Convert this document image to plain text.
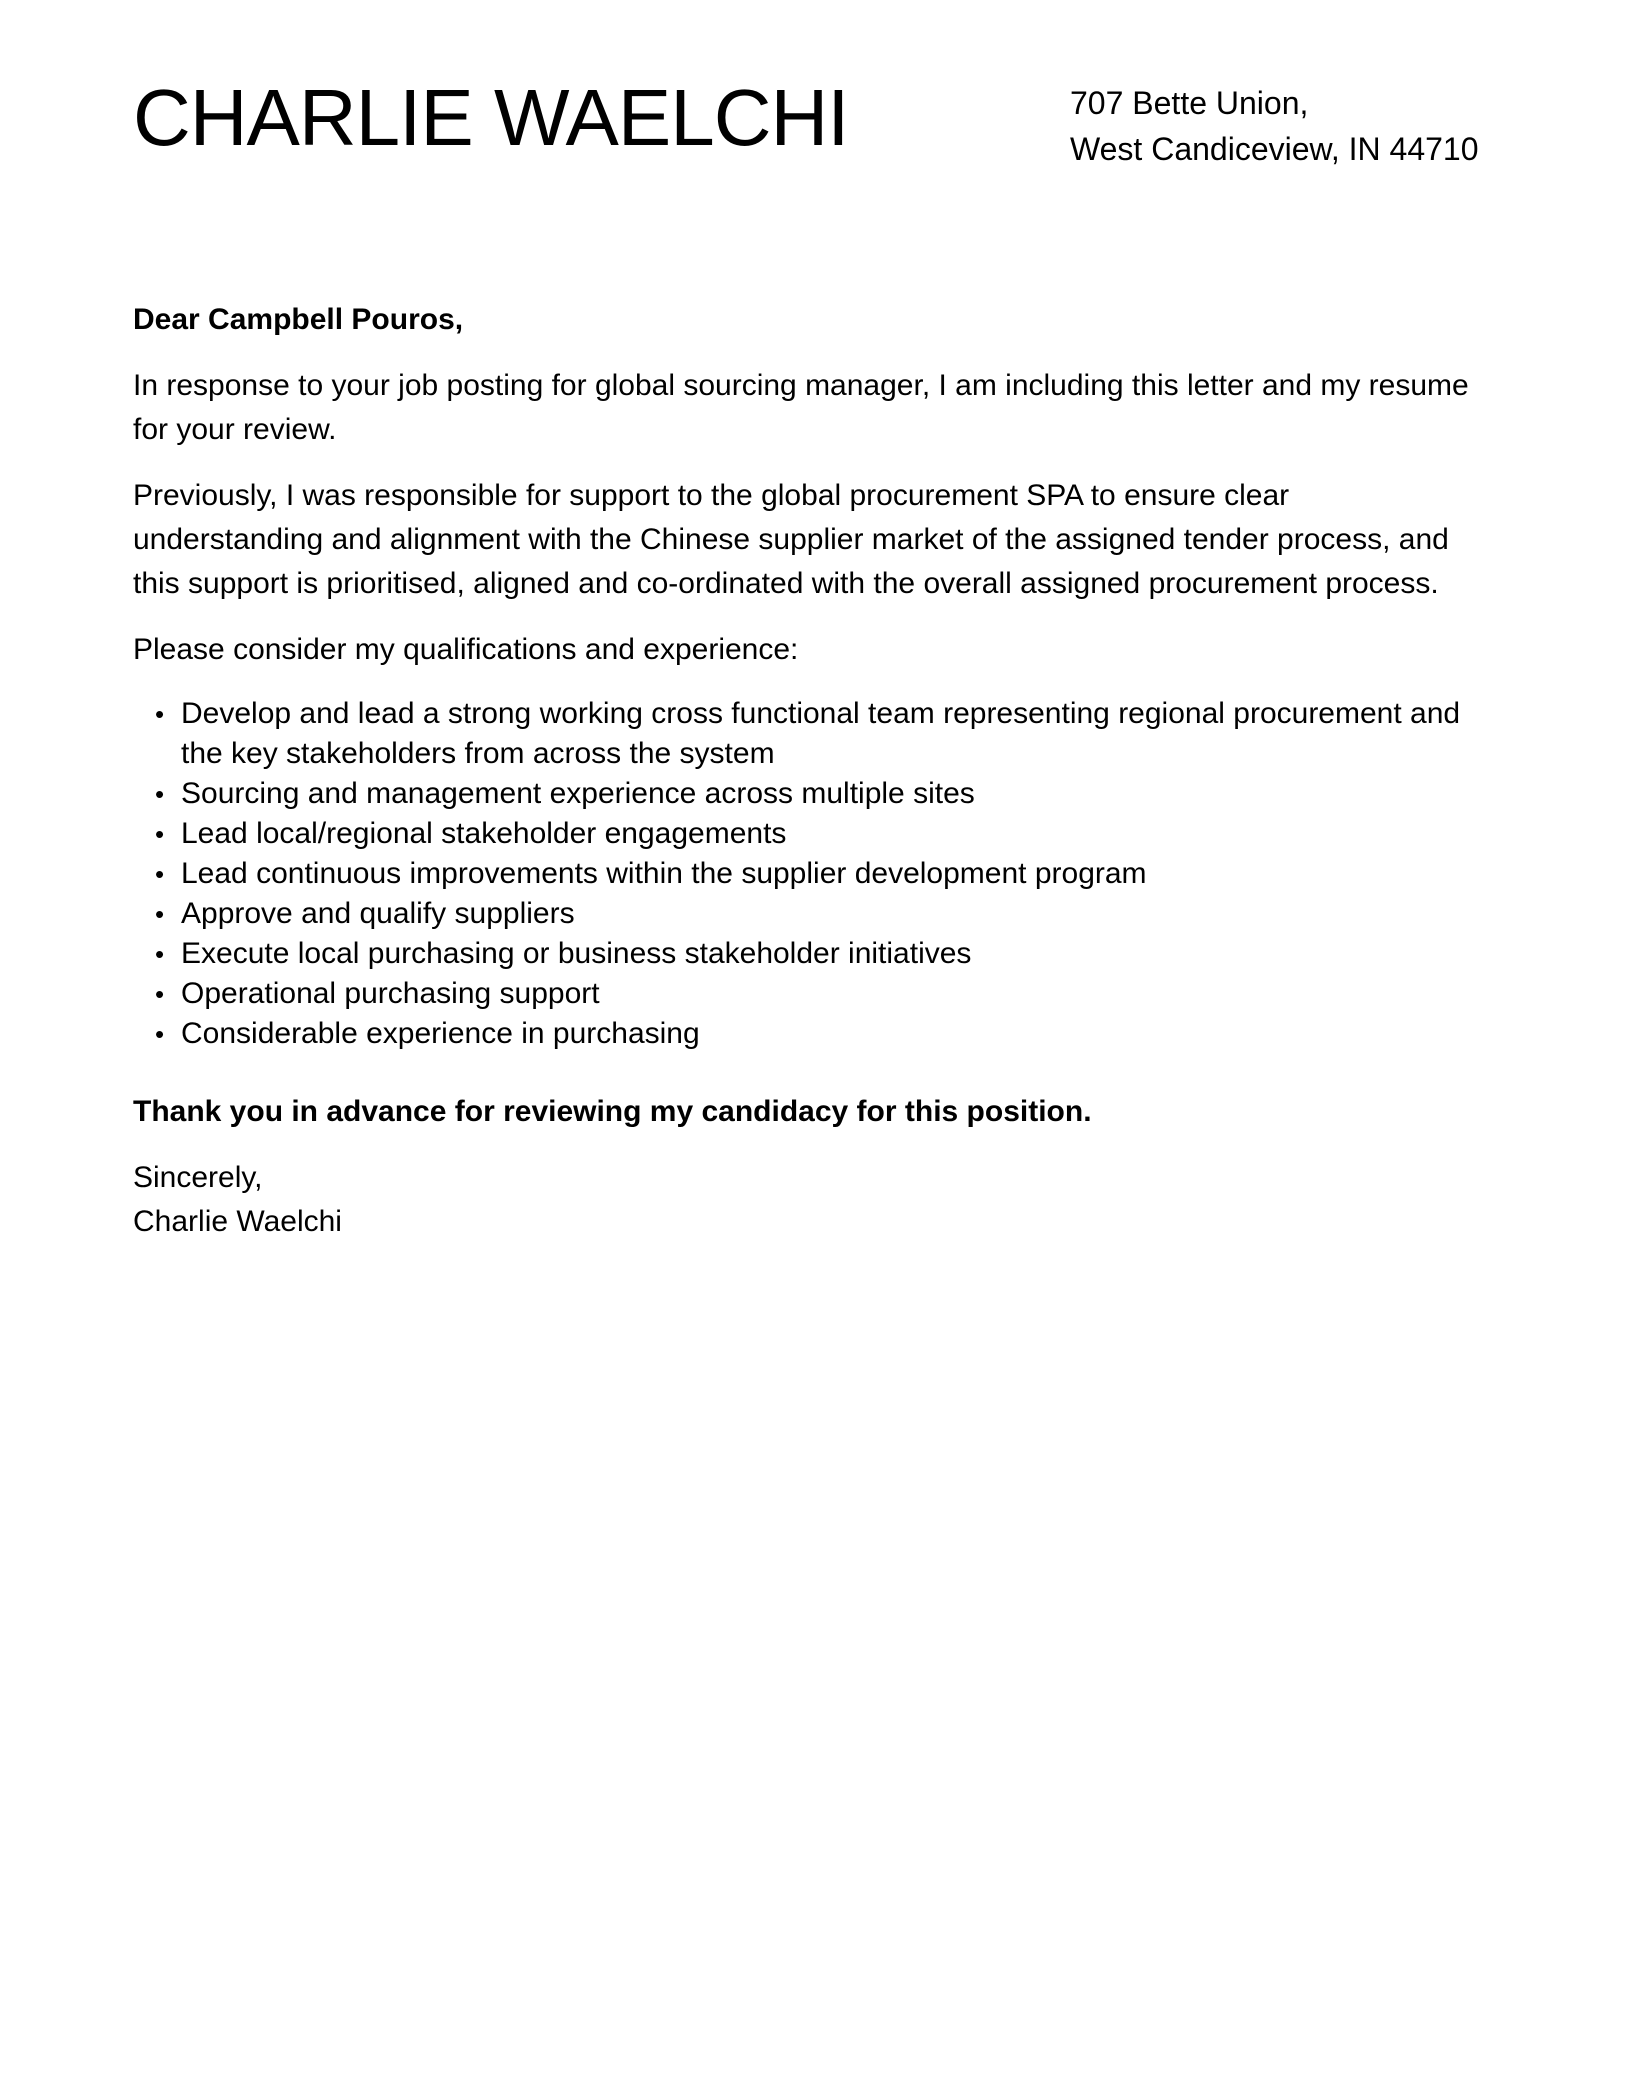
CHARLIE WAELCHI	707 Bette Union,
West Candiceview, IN 44710

Dear Campbell Pouros,

In response to your job posting for global sourcing manager, I am including this letter and my resume for your review.

Previously, I was responsible for support to the global procurement SPA to ensure clear understanding and alignment with the Chinese supplier market of the assigned tender process, and this support is prioritised, aligned and co-ordinated with the overall assigned procurement process.

Please consider my qualifications and experience:

• Develop and lead a strong working cross functional team representing regional procurement and the key stakeholders from across the system
• Sourcing and management experience across multiple sites
• Lead local/regional stakeholder engagements
• Lead continuous improvements within the supplier development program
• Approve and qualify suppliers
• Execute local purchasing or business stakeholder initiatives
• Operational purchasing support
• Considerable experience in purchasing

Thank you in advance for reviewing my candidacy for this position.

Sincerely,
Charlie Waelchi
